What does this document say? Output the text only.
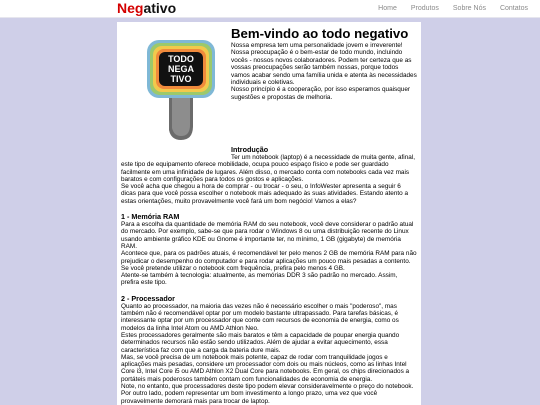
Negativo	Home Produtos Sobre Nós Contatos
TODO
NEGA
TIVO
Bem-vindo ao todo negativo

Nossa empresa tem uma personalidade jovem e irreverente! Nossa preocupação é o bem-estar de todo mundo, incluindo vocês - nossos novos colaboradores. Podem ter certeza que as vossas preocupações serão também nossas, porque todos vamos acabar sendo uma família unida e atenta às necessidades individuais e coletivas.

Nosso princípio é a cooperação, por isso esperamos quaisquer sugestões e propostas de melhoria.

Introdução

Ter um notebook (laptop) é a necessidade de muita gente, afinal, este tipo de equipamento oferece mobilidade, ocupa pouco espaço físico e pode ser guardado facilmente em uma infinidade de lugares. Além disso, o mercado conta com notebooks cada vez mais baratos e com configurações para todos os gostos e aplicações.

Se você acha que chegou a hora de comprar - ou trocar - o seu, o InfoWester apresenta a seguir 6 dicas para que você possa escolher o notebook mais adequado às suas atividades. Estando atento a estas orientações, muito provavelmente você fará um bom negócio! Vamos a elas?

1 - Memória RAM

Para a escolha da quantidade de memória RAM do seu notebook, você deve considerar o padrão atual do mercado. Por exemplo, sabe-se que para rodar o Windows 8 ou uma distribuição recente do Linux usando ambiente gráfico KDE ou Gnome é importante ter, no mínimo, 1 GB (gigabyte) de memória RAM.

Acontece que, para os padrões atuais, é recomendável ter pelo menos 2 GB de memória RAM para não prejudicar o desempenho do computador e para rodar aplicações um pouco mais pesadas a contento. Se você pretende utilizar o notebook com frequência, prefira pelo menos 4 GB.

Atente-se também à tecnologia: atualmente, as memórias DDR 3 são padrão no mercado. Assim, prefira este tipo.

2 - Processador

Quanto ao processador, na maioria das vezes não é necessário escolher o mais "poderoso", mas também não é recomendável optar por um modelo bastante ultrapassado. Para tarefas básicas, é interessante optar por um processador que conte com recursos de economia de energia, como os modelos da linha Intel Atom ou AMD Athlon Neo.

Estes processadores geralmente são mais baratos e têm a capacidade de poupar energia quando determinados recursos não estão sendo utilizados. Além de ajudar a evitar aquecimento, essa característica faz com que a carga da bateria dure mais.

Mas, se você precisa de um notebook mais potente, capaz de rodar com tranquilidade jogos e aplicações mais pesadas, considere um processador com dois ou mais núcleos, como as linhas Intel Core i3, Intel Core i5 ou AMD Athlon X2 Dual Core para notebooks. Em geral, os chips direcionados a portáteis mais poderosos também contam com funcionalidades de economia de energia.

Note, no entanto, que processadores deste tipo podem elevar consideravelmente o preço do notebook. Por outro lado, podem representar um bom investimento a longo prazo, uma vez que você provavelmente demorará mais para trocar de laptop.
